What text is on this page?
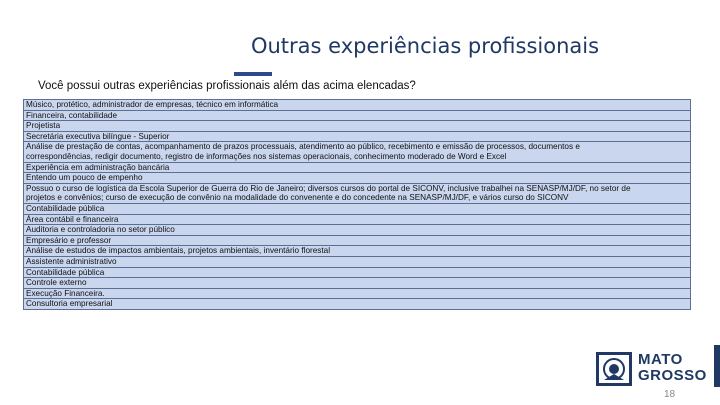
Outras experiências profissionais
Você possui outras experiências profissionais além das acima elencadas?
Músico, protético, administrador de empresas, técnico em informática
Financeira, contabilidade
Projetista
Secretária executiva bilíngue - Superior
Análise de prestação de contas, acompanhamento de prazos processuais, atendimento ao público, recebimento e emissão de processos, documentos e
correspondências, redigir documento, registro de informações nos sistemas operacionais, conhecimento moderado de Word e Excel
Experiência em administração bancária
Entendo um pouco de empenho
Possuo o curso de logística da Escola Superior de Guerra do Rio de Janeiro; diversos cursos do portal de SICONV, inclusive trabalhei na SENASP/MJ/DF, no setor de
projetos e convênios; curso de execução de convênio na modalidade do convenente e do concedente na SENASP/MJ/DF, e vários curso do SICONV
Contabilidade pública
Área contábil e financeira
Auditoria e controladoria no setor público
Empresário e professor
Análise de estudos de impactos ambientais, projetos ambientais, inventário florestal
Assistente administrativo
Contabilidade pública
Controle externo
Execução Financeira.
Consultoria empresarial
MATO
GROSSO
18
